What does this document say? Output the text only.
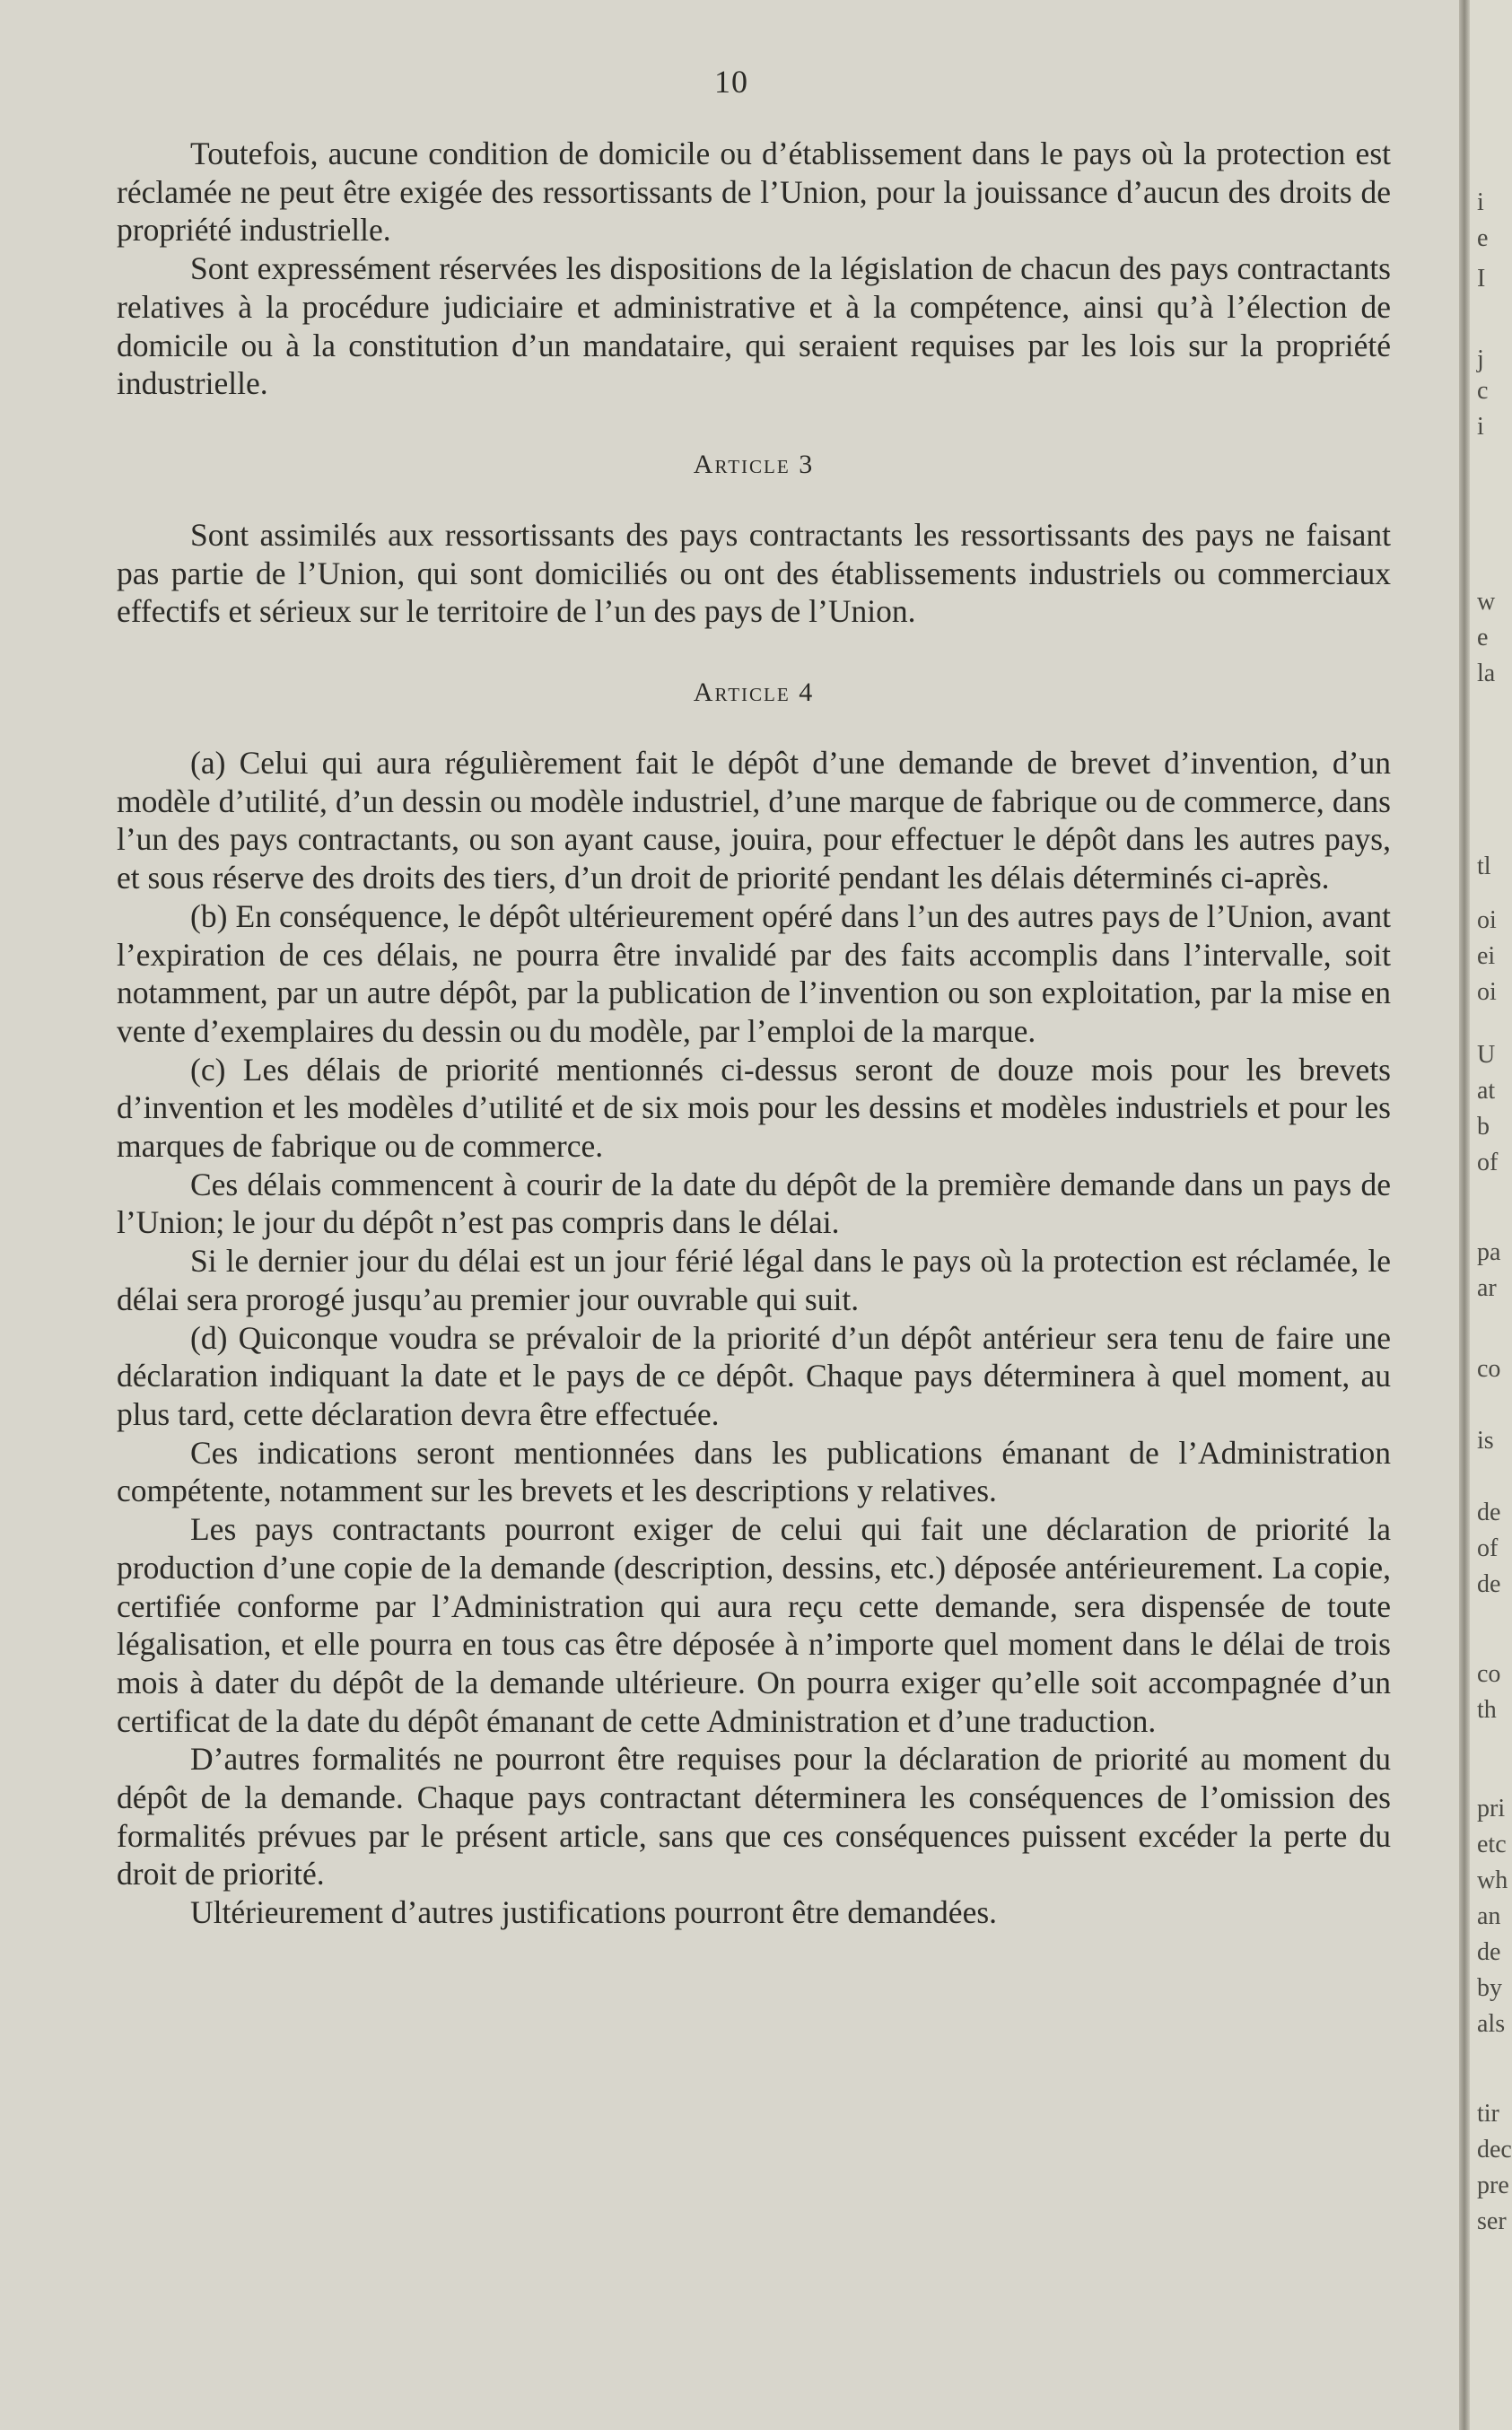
10

Toutefois, aucune condition de domicile ou d’établissement dans le pays où la protection est réclamée ne peut être exigée des ressortissants de l’Union, pour la jouissance d’aucun des droits de propriété industrielle.

Sont expressément réservées les dispositions de la législation de chacun des pays contractants relatives à la procédure judiciaire et administrative et à la compétence, ainsi qu’à l’élection de domicile ou à la constitution d’un mandataire, qui seraient requises par les lois sur la propriété industrielle.

Article 3

Sont assimilés aux ressortissants des pays contractants les ressortissants des pays ne faisant pas partie de l’Union, qui sont domiciliés ou ont des établissements industriels ou commerciaux effectifs et sérieux sur le territoire de l’un des pays de l’Union.

Article 4

(a) Celui qui aura régulièrement fait le dépôt d’une demande de brevet d’invention, d’un modèle d’utilité, d’un dessin ou modèle industriel, d’une marque de fabrique ou de commerce, dans l’un des pays contractants, ou son ayant cause, jouira, pour effectuer le dépôt dans les autres pays, et sous réserve des droits des tiers, d’un droit de priorité pendant les délais déterminés ci-après.

(b) En conséquence, le dépôt ultérieurement opéré dans l’un des autres pays de l’Union, avant l’expiration de ces délais, ne pourra être invalidé par des faits accomplis dans l’intervalle, soit notamment, par un autre dépôt, par la publication de l’invention ou son exploitation, par la mise en vente d’exemplaires du dessin ou du modèle, par l’emploi de la marque.

(c) Les délais de priorité mentionnés ci-dessus seront de douze mois pour les brevets d’invention et les modèles d’utilité et de six mois pour les dessins et modèles industriels et pour les marques de fabrique ou de commerce.

Ces délais commencent à courir de la date du dépôt de la première demande dans un pays de l’Union; le jour du dépôt n’est pas compris dans le délai.

Si le dernier jour du délai est un jour férié légal dans le pays où la protection est réclamée, le délai sera prorogé jusqu’au premier jour ouvrable qui suit.

(d) Quiconque voudra se prévaloir de la priorité d’un dépôt antérieur sera tenu de faire une déclaration indiquant la date et le pays de ce dépôt. Chaque pays déterminera à quel moment, au plus tard, cette déclaration devra être effectuée.

Ces indications seront mentionnées dans les publications émanant de l’Administration compétente, notamment sur les brevets et les descriptions y relatives.

Les pays contractants pourront exiger de celui qui fait une déclaration de priorité la production d’une copie de la demande (description, dessins, etc.) déposée antérieurement. La copie, certifiée conforme par l’Administration qui aura reçu cette demande, sera dispensée de toute légalisation, et elle pourra en tous cas être déposée à n’importe quel moment dans le délai de trois mois à dater du dépôt de la demande ultérieure. On pourra exiger qu’elle soit accompagnée d’un certificat de la date du dépôt émanant de cette Administration et d’une traduction.

D’autres formalités ne pourront être requises pour la déclaration de priorité au moment du dépôt de la demande. Chaque pays contractant déterminera les conséquences de l’omission des formalités prévues par le présent article, sans que ces conséquences puissent excéder la perte du droit de priorité.

Ultérieurement d’autres justifications pourront être demandées.

i
e
I
j
c
i
w
e
la
tl
oi
ei
oi
U
at
b
of
pa
ar
co
is
de
of
de
co
th
pri
etc
wh
an
de
by
als
tir
dec
pre
ser
